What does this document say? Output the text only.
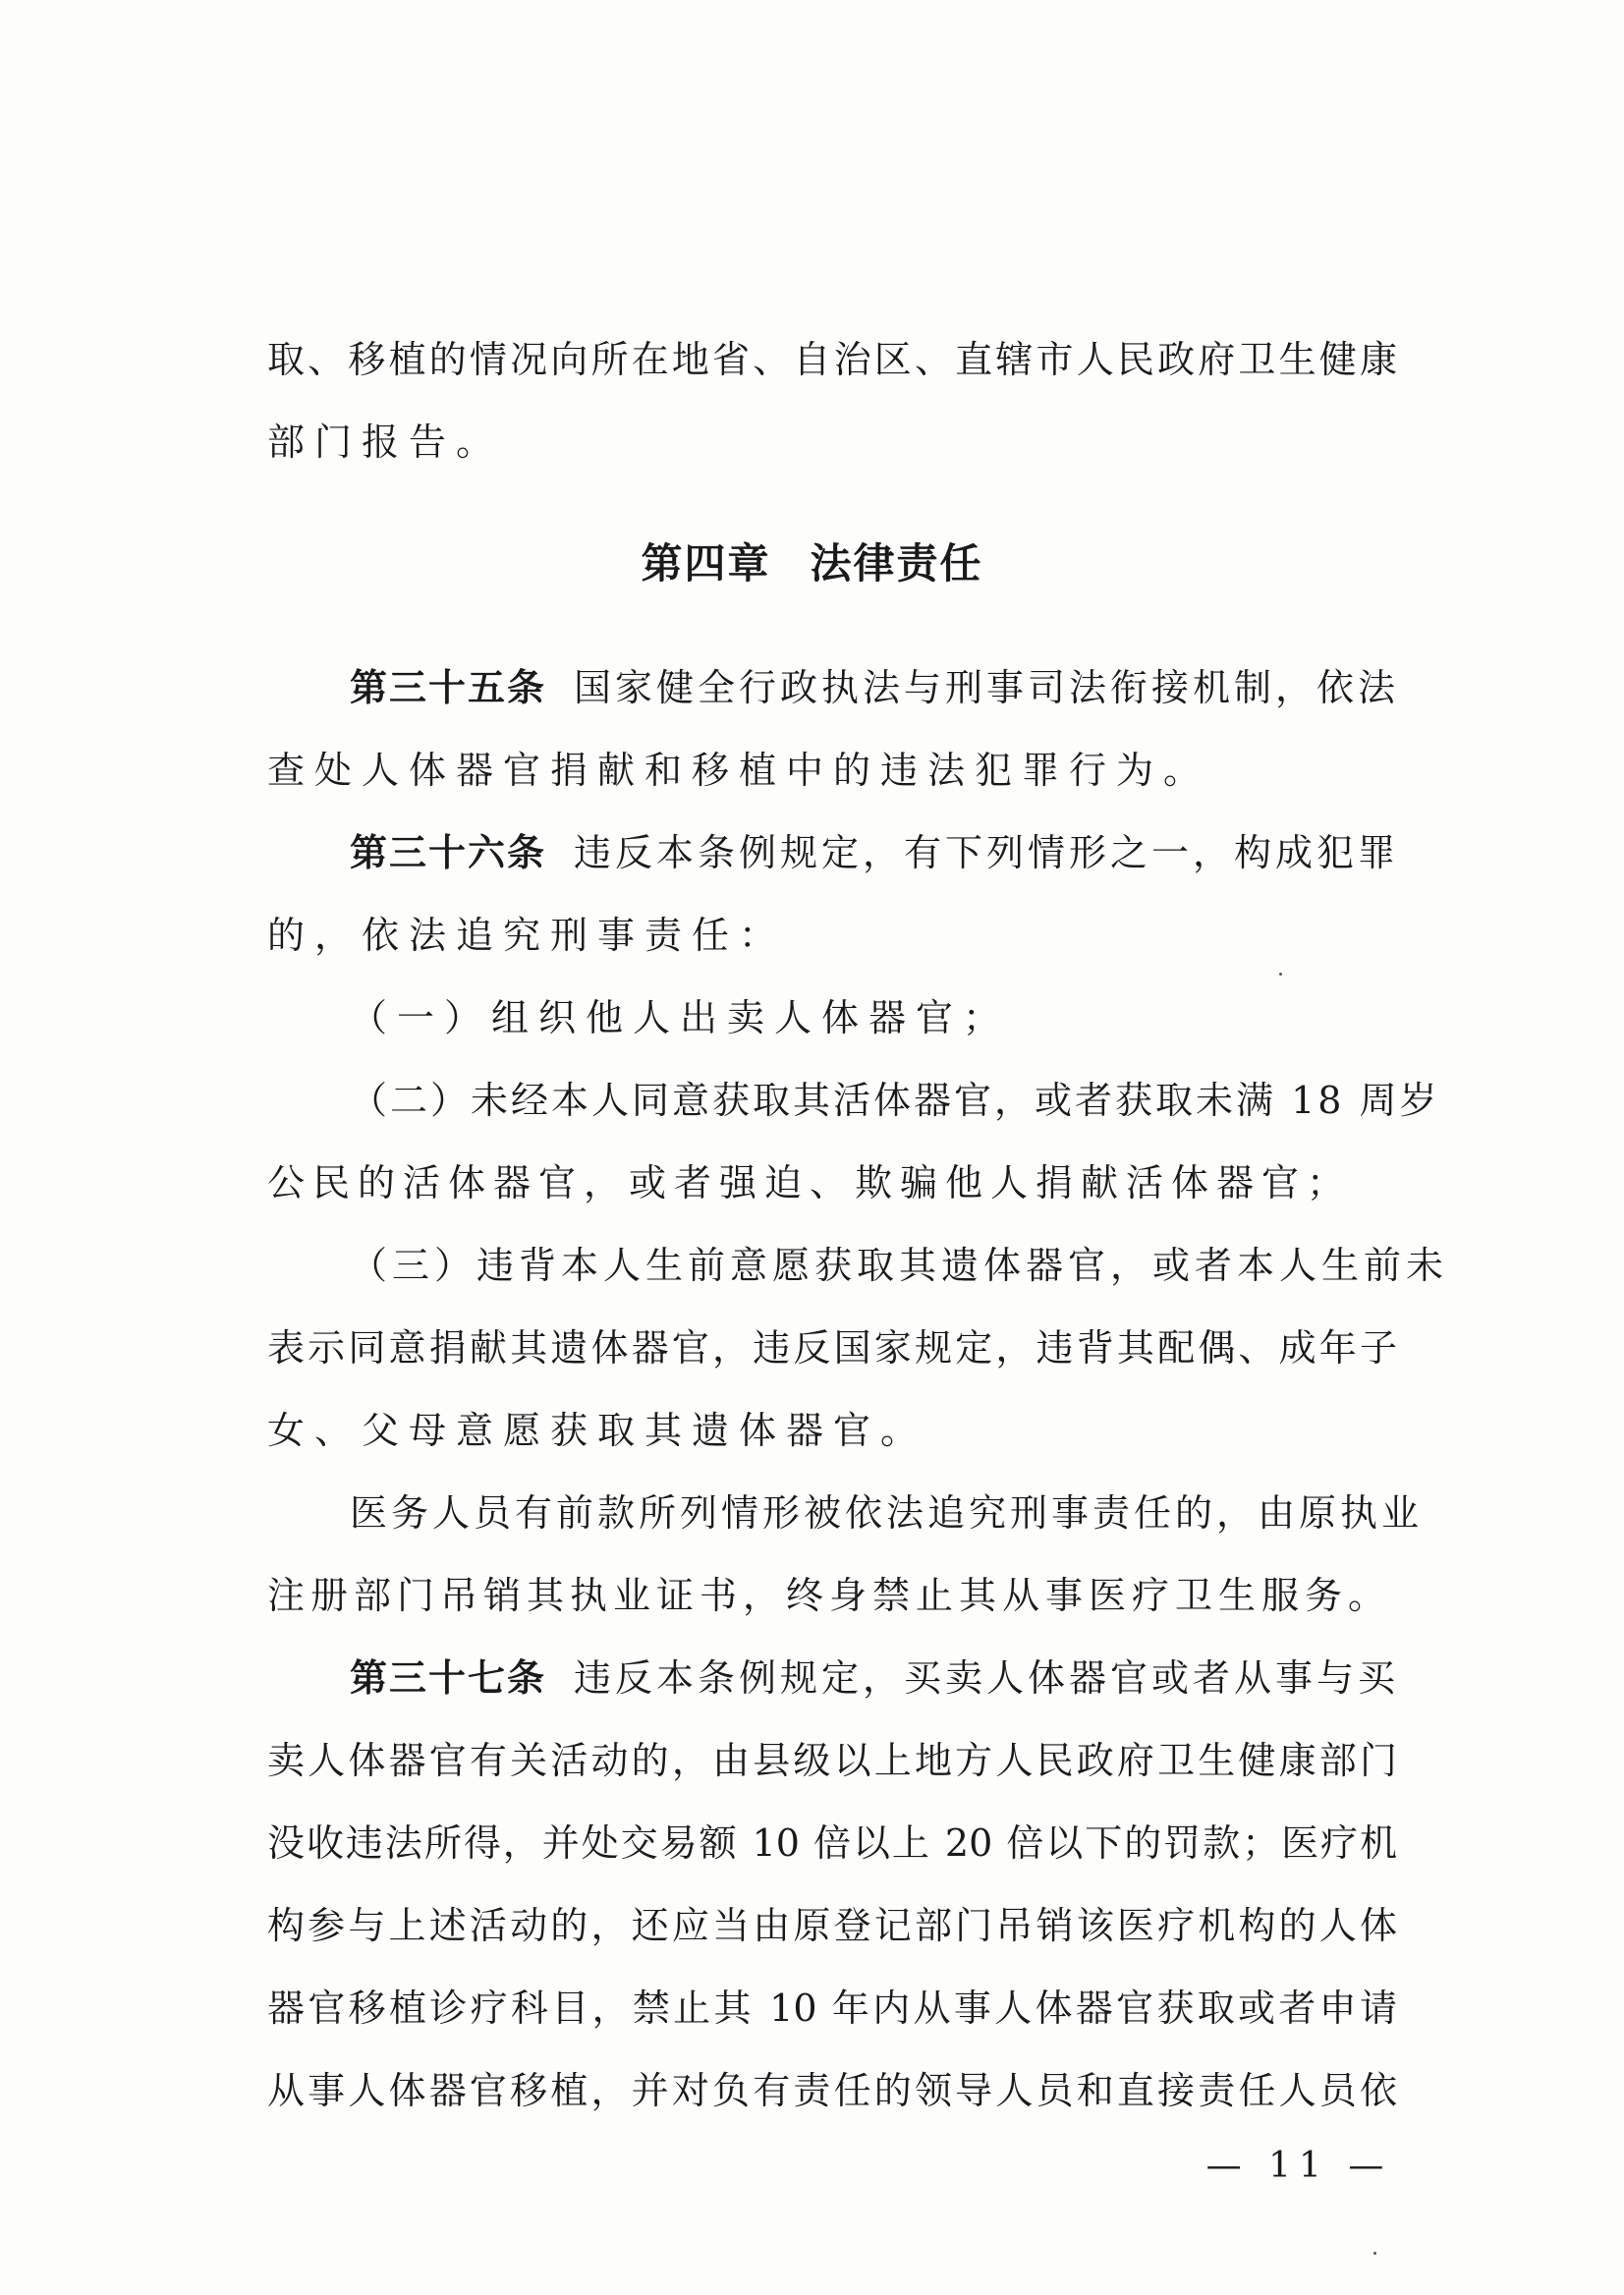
取、移植的情况向所在地省、自治区、直辖市人民政府卫生健康
部门报告。
第四章 法律责任
第三十五条 国家健全行政执法与刑事司法衔接机制，依法
查处人体器官捐献和移植中的违法犯罪行为。
第三十六条 违反本条例规定，有下列情形之一，构成犯罪
的，依法追究刑事责任：
（一）组织他人出卖人体器官；
（二）未经本人同意获取其活体器官，或者获取未满 18 周岁
公民的活体器官，或者强迫、欺骗他人捐献活体器官；
（三）违背本人生前意愿获取其遗体器官，或者本人生前未
表示同意捐献其遗体器官，违反国家规定，违背其配偶、成年子
女、父母意愿获取其遗体器官。
医务人员有前款所列情形被依法追究刑事责任的，由原执业
注册部门吊销其执业证书，终身禁止其从事医疗卫生服务。
第三十七条 违反本条例规定，买卖人体器官或者从事与买
卖人体器官有关活动的，由县级以上地方人民政府卫生健康部门
没收违法所得，并处交易额 10 倍以上 20 倍以下的罚款；医疗机
构参与上述活动的，还应当由原登记部门吊销该医疗机构的人体
器官移植诊疗科目，禁止其 10 年内从事人体器官获取或者申请
从事人体器官移植，并对负有责任的领导人员和直接责任人员依
— 11 —
